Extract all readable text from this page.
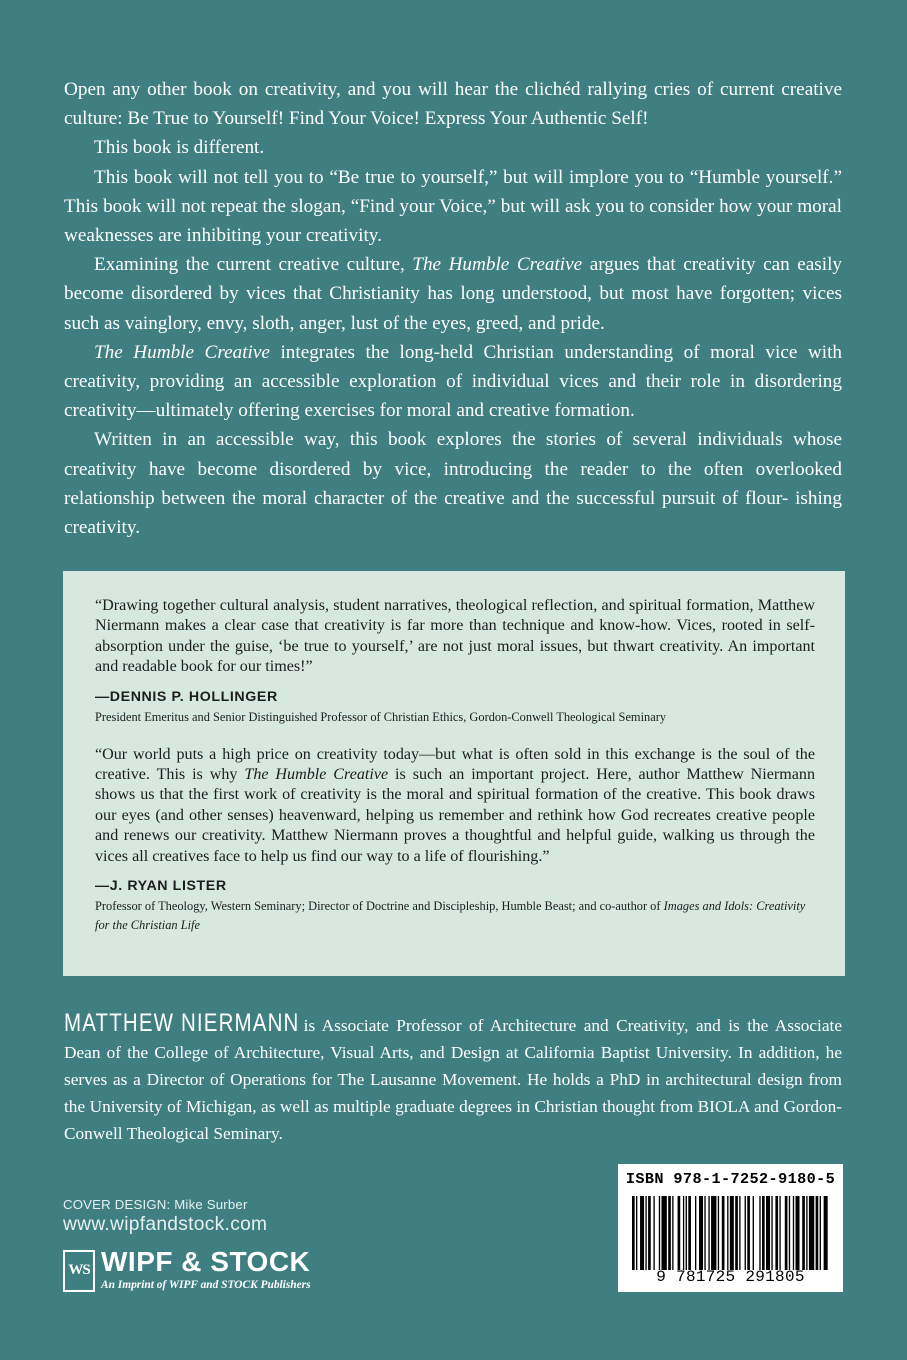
Open any other book on creativity, and you will hear the clichéd rallying cries of current creative culture: Be True to Yourself! Find Your Voice! Express Your Authentic Self!

This book is different.

This book will not tell you to “Be true to yourself,” but will implore you to “Humble yourself.” This book will not repeat the slogan, “Find your Voice,” but will ask you to consider how your moral weaknesses are inhibiting your creativity.

Examining the current creative culture, The Humble Creative argues that creativity can easily become disordered by vices that Christianity has long understood, but most have forgotten; vices such as vainglory, envy, sloth, anger, lust of the eyes, greed, and pride.

The Humble Creative integrates the long-held Christian understanding of moral vice with creativity, providing an accessible exploration of individual vices and their role in disordering creativity—ultimately offering exercises for moral and creative formation.

Written in an accessible way, this book explores the stories of several individuals whose creativity have become disordered by vice, introducing the reader to the often overlooked relationship between the moral character of the creative and the successful pursuit of flour- ishing creativity.

“Drawing together cultural analysis, student narratives, theological reflection, and spiritual formation, Matthew Niermann makes a clear case that creativity is far more than technique and know-how. Vices, rooted in self-absorption under the guise, ‘be true to yourself,’ are not just moral issues, but thwart creativity. An important and readable book for our times!”

—DENNIS P. HOLLINGER

President Emeritus and Senior Distinguished Professor of Christian Ethics, Gordon-Conwell Theological Seminary

“Our world puts a high price on creativity today—but what is often sold in this exchange is the soul of the creative. This is why The Humble Creative is such an important project. Here, author Matthew Niermann shows us that the first work of creativity is the moral and spiritual formation of the creative. This book draws our eyes (and other senses) heavenward, helping us remember and rethink how God recreates creative people and renews our creativity. Matthew Niermann proves a thoughtful and helpful guide, walking us through the vices all creatives face to help us find our way to a life of flourishing.”

—J. RYAN LISTER

Professor of Theology, Western Seminary; Director of Doctrine and Discipleship, Humble Beast; and co-author of Images and Idols: Creativity for the Christian Life

MATTHEW NIERMANN is Associate Professor of Architecture and Creativity, and is the Associate Dean of the College of Architecture, Visual Arts, and Design at California Baptist University. In addition, he serves as a Director of Operations for The Lausanne Movement. He holds a PhD in architectural design from the University of Michigan, as well as multiple graduate degrees in Christian thought from BIOLA and Gordon-Conwell Theological Seminary.

COVER DESIGN: Mike Surber
www.wipfandstock.com
WS WIPF & STOCK
An Imprint of WIPF and STOCK Publishers
ISBN 978-1-7252-9180-5
9 781725 291805
